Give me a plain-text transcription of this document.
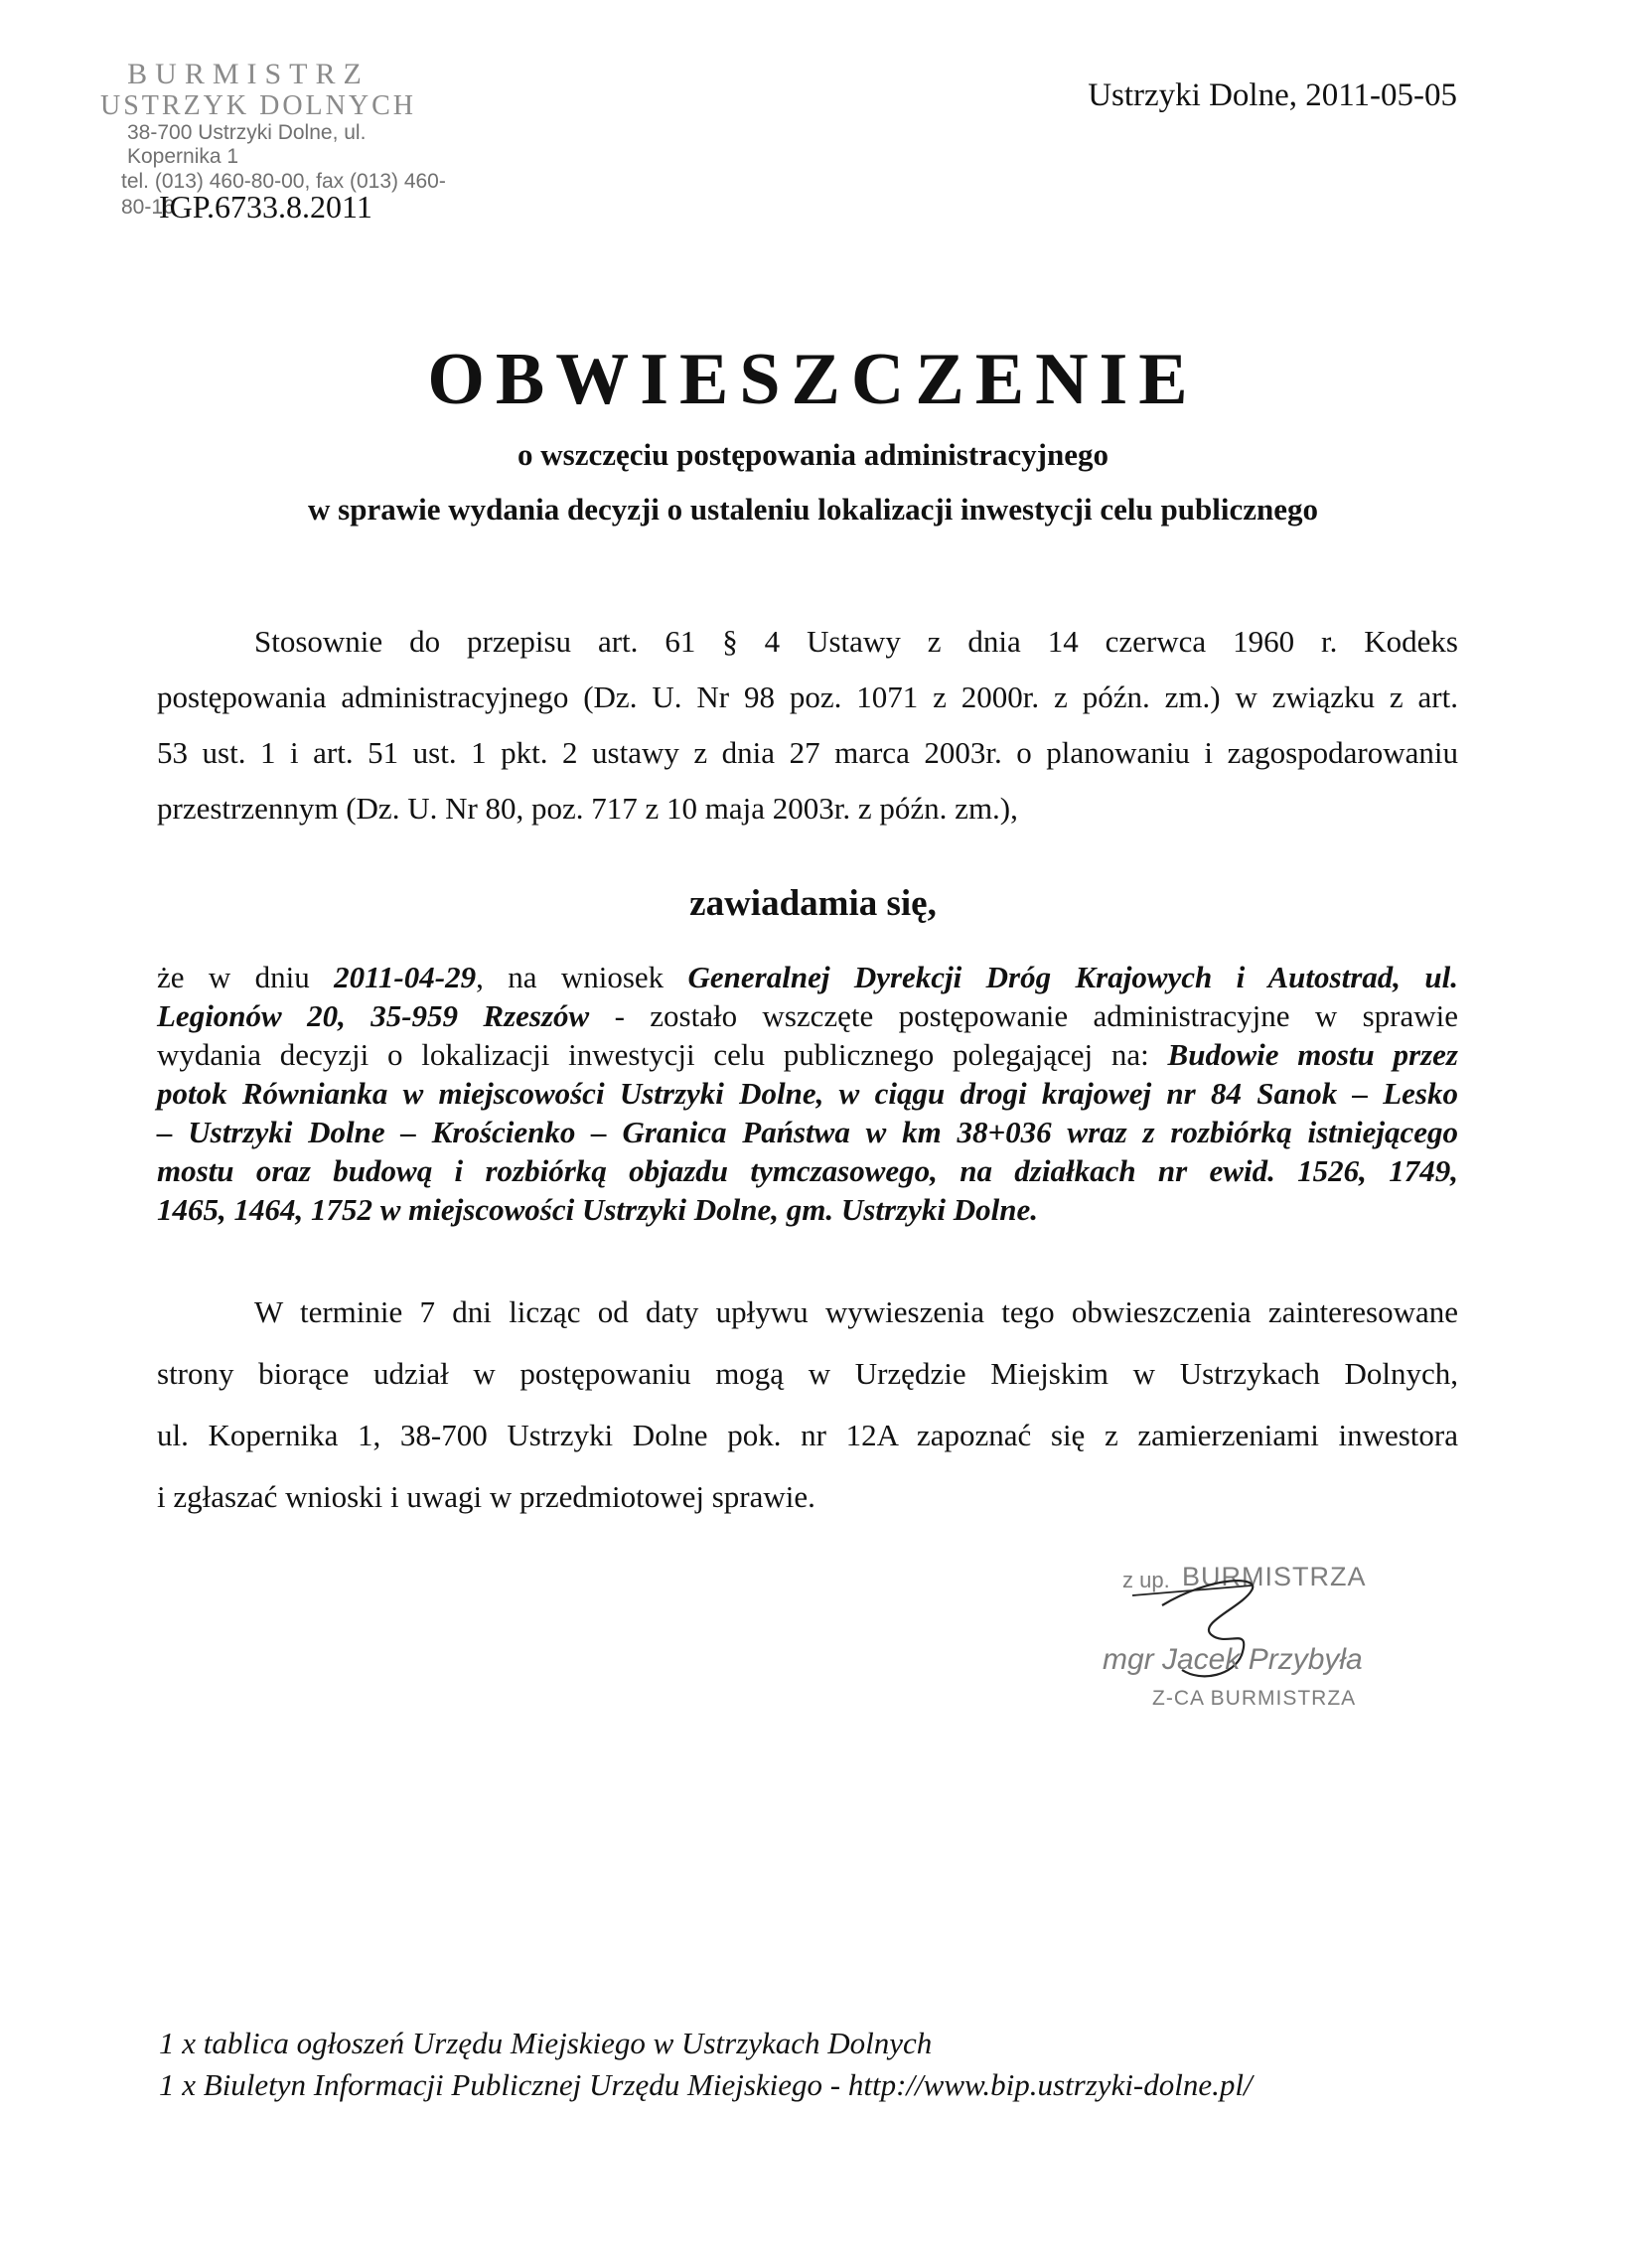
BURMISTRZ
USTRZYK DOLNYCH
38-700 Ustrzyki Dolne, ul. Kopernika 1
tel. (013) 460-80-00, fax (013) 460-80-16
Ustrzyki Dolne, 2011-05-05
IGP.6733.8.2011
OBWIESZCZENIE
o wszczęciu postępowania administracyjnego
w sprawie wydania decyzji o ustaleniu lokalizacji inwestycji celu publicznego
Stosownie do przepisu art. 61 § 4 Ustawy z dnia 14 czerwca 1960 r. Kodeks
postępowania administracyjnego (Dz. U. Nr 98 poz. 1071 z 2000r. z późn. zm.) w związku z art.
53 ust. 1 i art. 51 ust. 1 pkt. 2 ustawy z dnia 27 marca 2003r. o planowaniu i zagospodarowaniu
przestrzennym (Dz. U. Nr 80, poz. 717 z 10 maja 2003r. z późn. zm.),
zawiadamia się,
że w dniu 2011-04-29, na wniosek Generalnej Dyrekcji Dróg Krajowych i Autostrad, ul.
Legionów 20, 35-959 Rzeszów - zostało wszczęte postępowanie administracyjne w sprawie
wydania decyzji o lokalizacji inwestycji celu publicznego polegającej na: Budowie mostu przez
potok Równianka w miejscowości Ustrzyki Dolne, w ciągu drogi krajowej nr 84 Sanok – Lesko
– Ustrzyki Dolne – Krościenko – Granica Państwa w km 38+036 wraz z rozbiórką istniejącego
mostu oraz budową i rozbiórką objazdu tymczasowego, na działkach nr ewid. 1526, 1749,
1465, 1464, 1752 w miejscowości Ustrzyki Dolne, gm. Ustrzyki Dolne.
W terminie 7 dni licząc od daty upływu wywieszenia tego obwieszczenia zainteresowane
strony biorące udział w postępowaniu mogą w Urzędzie Miejskim w Ustrzykach Dolnych,
ul. Kopernika 1, 38-700 Ustrzyki Dolne pok. nr 12A zapoznać się z zamierzeniami inwestora
i zgłaszać wnioski i uwagi w przedmiotowej sprawie.
z up. BURMISTRZA
mgr Jacek Przybyła
Z-CA BURMISTRZA
1 x tablica ogłoszeń Urzędu Miejskiego w Ustrzykach Dolnych
1 x Biuletyn Informacji Publicznej Urzędu Miejskiego - http://www.bip.ustrzyki-dolne.pl/
